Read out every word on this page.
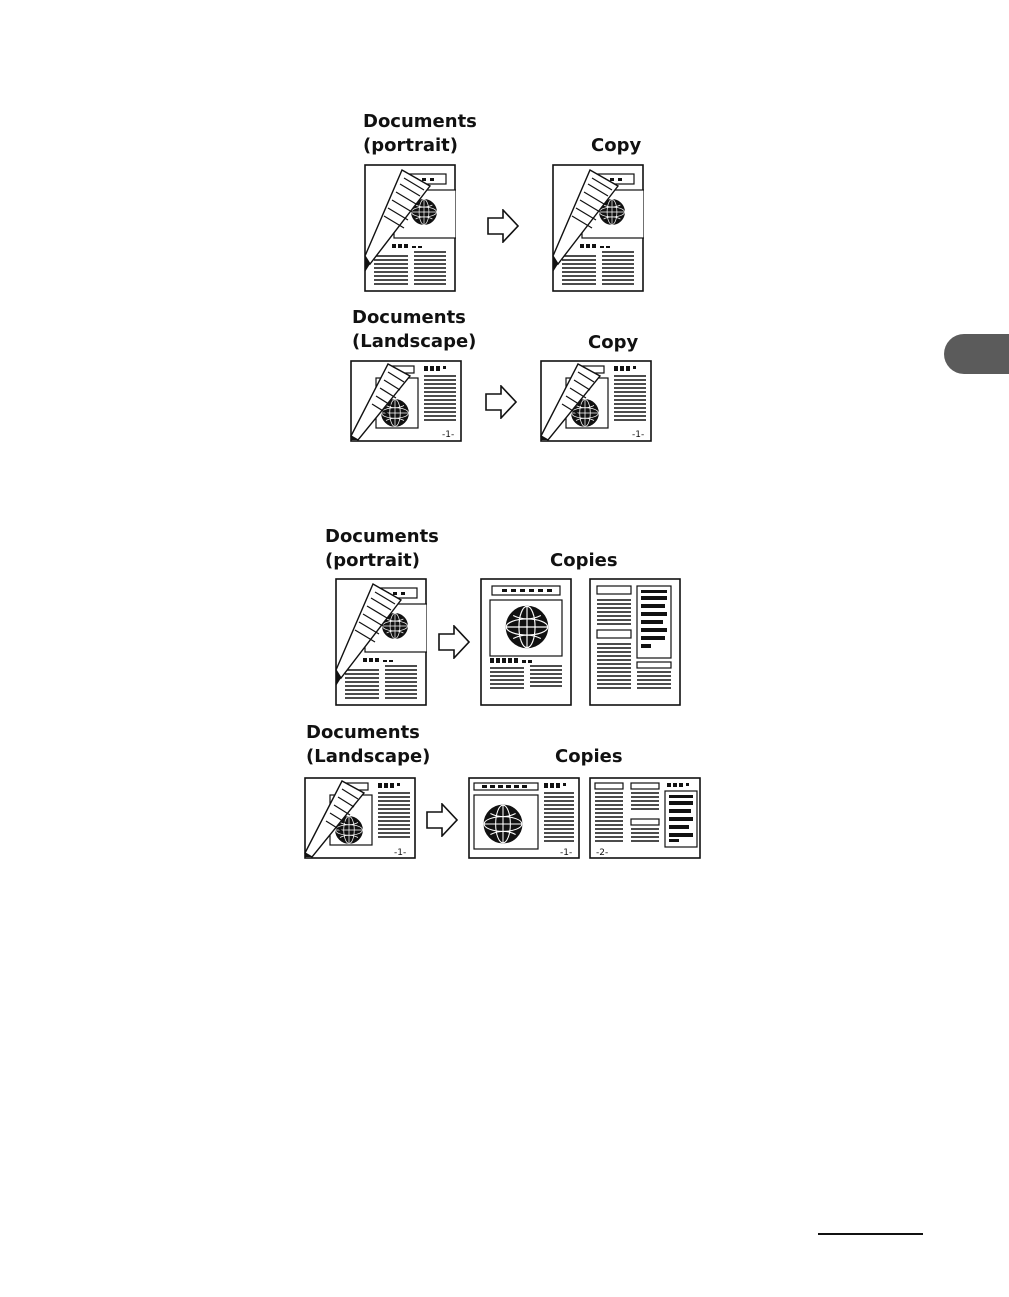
Documents
(portrait)	Copy
Documents
(Landscape)	Copy
Documents
(portrait)	Copies
Documents
(Landscape)	Copies
-1-	-1-
-1-	-1-	-2-
